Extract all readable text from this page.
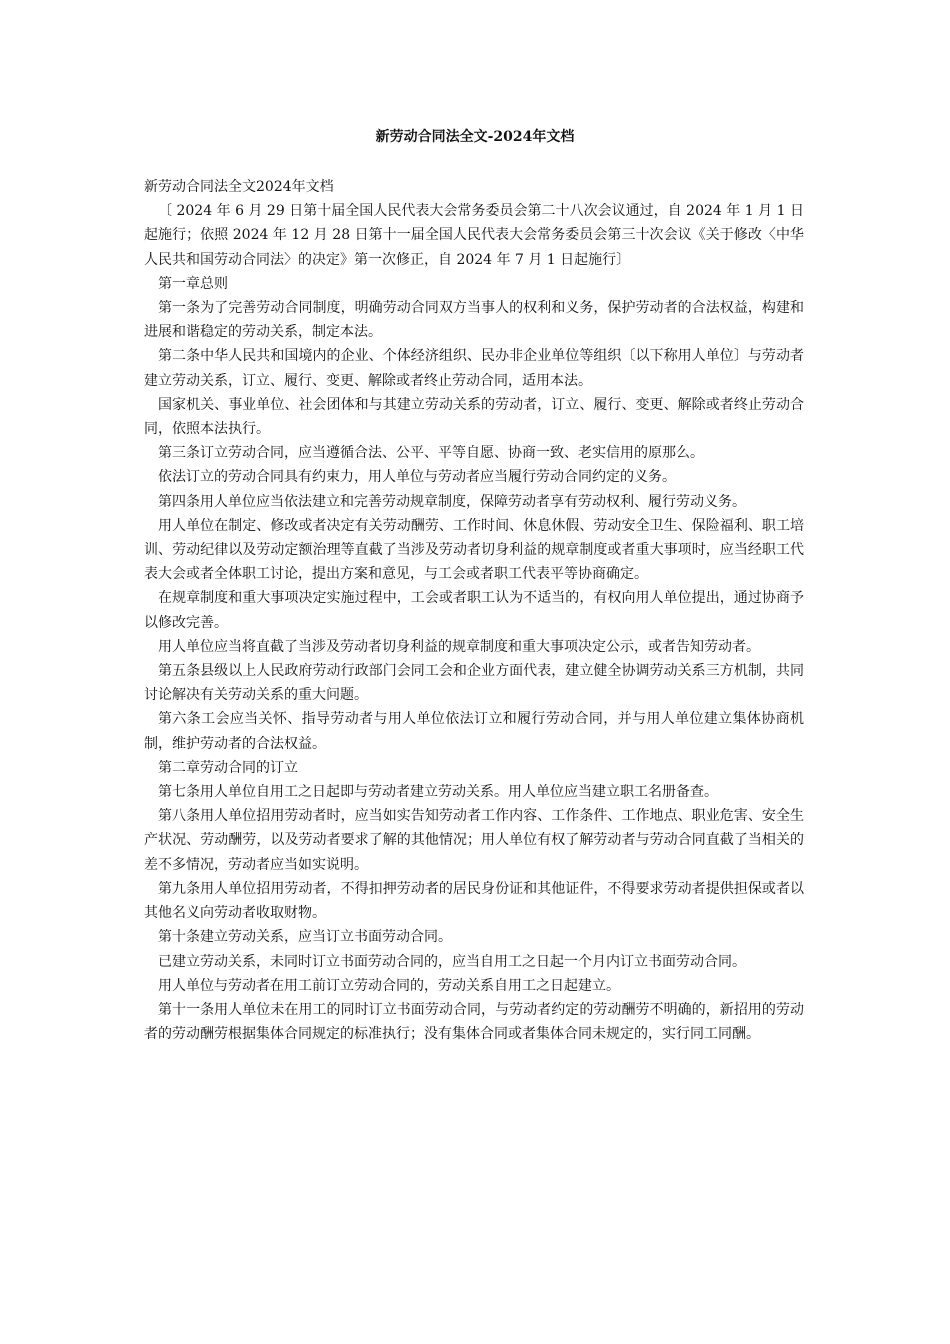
新劳动合同法全文-2024年文档

新劳动合同法全文2024年文档

〔 2024 年 6 月 29 日第十届全国人民代表大会常务委员会第二十八次会议通过，自 2024 年 1 月 1 日起施行；依照 2024 年 12 月 28 日第十一届全国人民代表大会常务委员会第三十次会议《关于修改〈中华人民共和国劳动合同法〉的决定》第一次修正，自 2024 年 7 月 1 日起施行〕

第一章总则

第一条为了完善劳动合同制度，明确劳动合同双方当事人的权利和义务，保护劳动者的合法权益，构建和进展和谐稳定的劳动关系，制定本法。

第二条中华人民共和国境内的企业、个体经济组织、民办非企业单位等组织〔以下称用人单位〕与劳动者建立劳动关系，订立、履行、变更、解除或者终止劳动合同，适用本法。

国家机关、事业单位、社会团体和与其建立劳动关系的劳动者，订立、履行、变更、解除或者终止劳动合同，依照本法执行。

第三条订立劳动合同，应当遵循合法、公平、平等自愿、协商一致、老实信用的原那么。

依法订立的劳动合同具有约束力，用人单位与劳动者应当履行劳动合同约定的义务。

第四条用人单位应当依法建立和完善劳动规章制度，保障劳动者享有劳动权利、履行劳动义务。

用人单位在制定、修改或者决定有关劳动酬劳、工作时间、休息休假、劳动安全卫生、保险福利、职工培训、劳动纪律以及劳动定额治理等直截了当涉及劳动者切身利益的规章制度或者重大事项时，应当经职工代表大会或者全体职工讨论，提出方案和意见，与工会或者职工代表平等协商确定。

在规章制度和重大事项决定实施过程中，工会或者职工认为不适当的，有权向用人单位提出，通过协商予以修改完善。

用人单位应当将直截了当涉及劳动者切身利益的规章制度和重大事项决定公示，或者告知劳动者。

第五条县级以上人民政府劳动行政部门会同工会和企业方面代表，建立健全协调劳动关系三方机制，共同讨论解决有关劳动关系的重大问题。

第六条工会应当关怀、指导劳动者与用人单位依法订立和履行劳动合同，并与用人单位建立集体协商机制，维护劳动者的合法权益。

第二章劳动合同的订立

第七条用人单位自用工之日起即与劳动者建立劳动关系。用人单位应当建立职工名册备查。

第八条用人单位招用劳动者时，应当如实告知劳动者工作内容、工作条件、工作地点、职业危害、安全生产状况、劳动酬劳，以及劳动者要求了解的其他情况；用人单位有权了解劳动者与劳动合同直截了当相关的差不多情况，劳动者应当如实说明。

第九条用人单位招用劳动者，不得扣押劳动者的居民身份证和其他证件，不得要求劳动者提供担保或者以其他名义向劳动者收取财物。

第十条建立劳动关系，应当订立书面劳动合同。

已建立劳动关系，未同时订立书面劳动合同的，应当自用工之日起一个月内订立书面劳动合同。

用人单位与劳动者在用工前订立劳动合同的，劳动关系自用工之日起建立。

第十一条用人单位未在用工的同时订立书面劳动合同，与劳动者约定的劳动酬劳不明确的，新招用的劳动者的劳动酬劳根据集体合同规定的标准执行；没有集体合同或者集体合同未规定的，实行同工同酬。
